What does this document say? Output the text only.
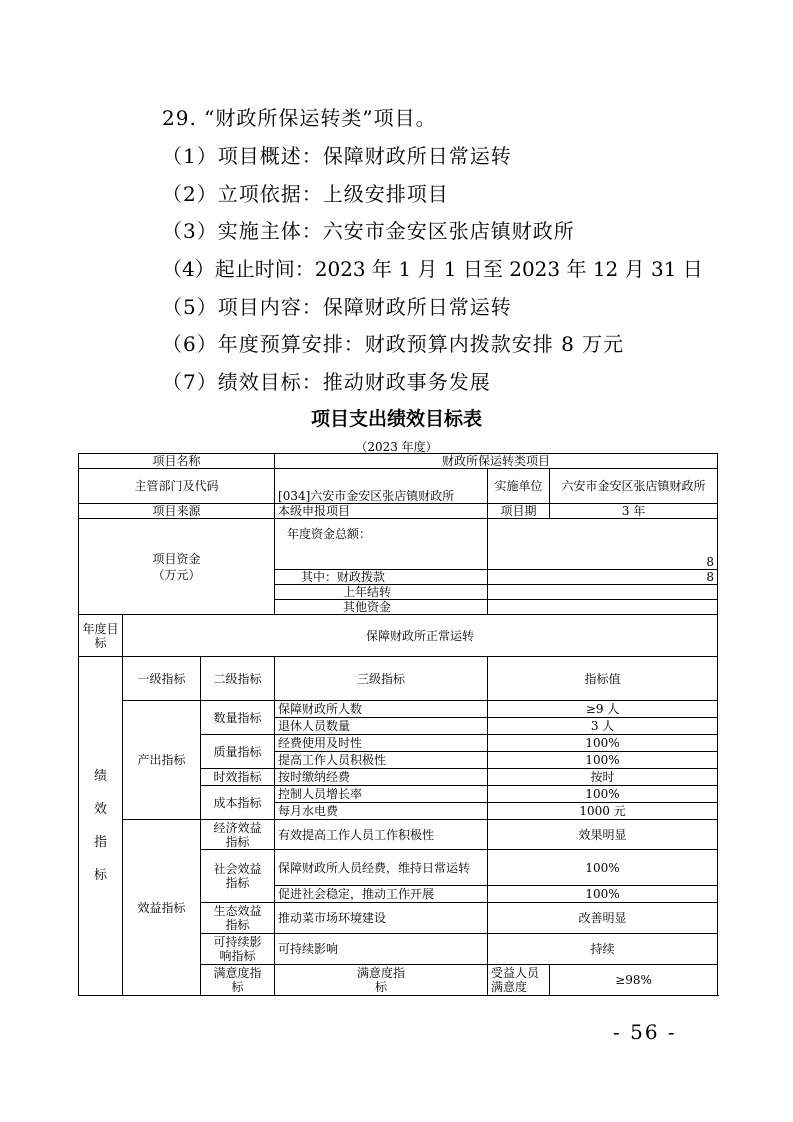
29. “财政所保运转类”项目。
（1）项目概述：保障财政所日常运转
（2）立项依据：上级安排项目
（3）实施主体：六安市金安区张店镇财政所
（4）起止时间：2023 年 1 月 1 日至 2023 年 12 月 31 日
（5）项目内容：保障财政所日常运转
（6）年度预算安排：财政预算内拨款安排 8 万元
（7）绩效目标：推动财政事务发展
项目支出绩效目标表
（2023 年度）
项目名称			财政所保运转类项目		
主管部门及代码			[034]六安市金安区张店镇财政所	实施单位	六安市金安区张店镇财政所
项目来源			本级申报项目	项目期	3 年

项目资金（万元）			年度资金总额：	8	
			其中：财政拨款	8	
			上年结转		
			其他资金		
年度目标	保障财政所正常运转				

绩效指标	一级指标	二级指标	三级指标	指标值	
	产出指标	数量指标	保障财政所人数	≥9 人	
			退休人员数量	3 人	
		质量指标	经费使用及时性	100%	
			提高工作人员积极性	100%	
		时效指标	按时缴纳经费	按时	
		成本指标	控制人员增长率	100%	
			每月水电费	1000 元	
	效益指标	经济效益指标	有效提高工作人员工作积极性	效果明显	

		社会效益指标	保障财政所人员经费，维持日常运转	100%	
			促进社会稳定，推动工作开展	100%	

		生态效益指标	推动菜市场环境建设	改善明显	

		可持续影响指标	可持续影响	持续	

		满意度指标	满意度指标	受益人员满意度	≥98%
- 56 -
